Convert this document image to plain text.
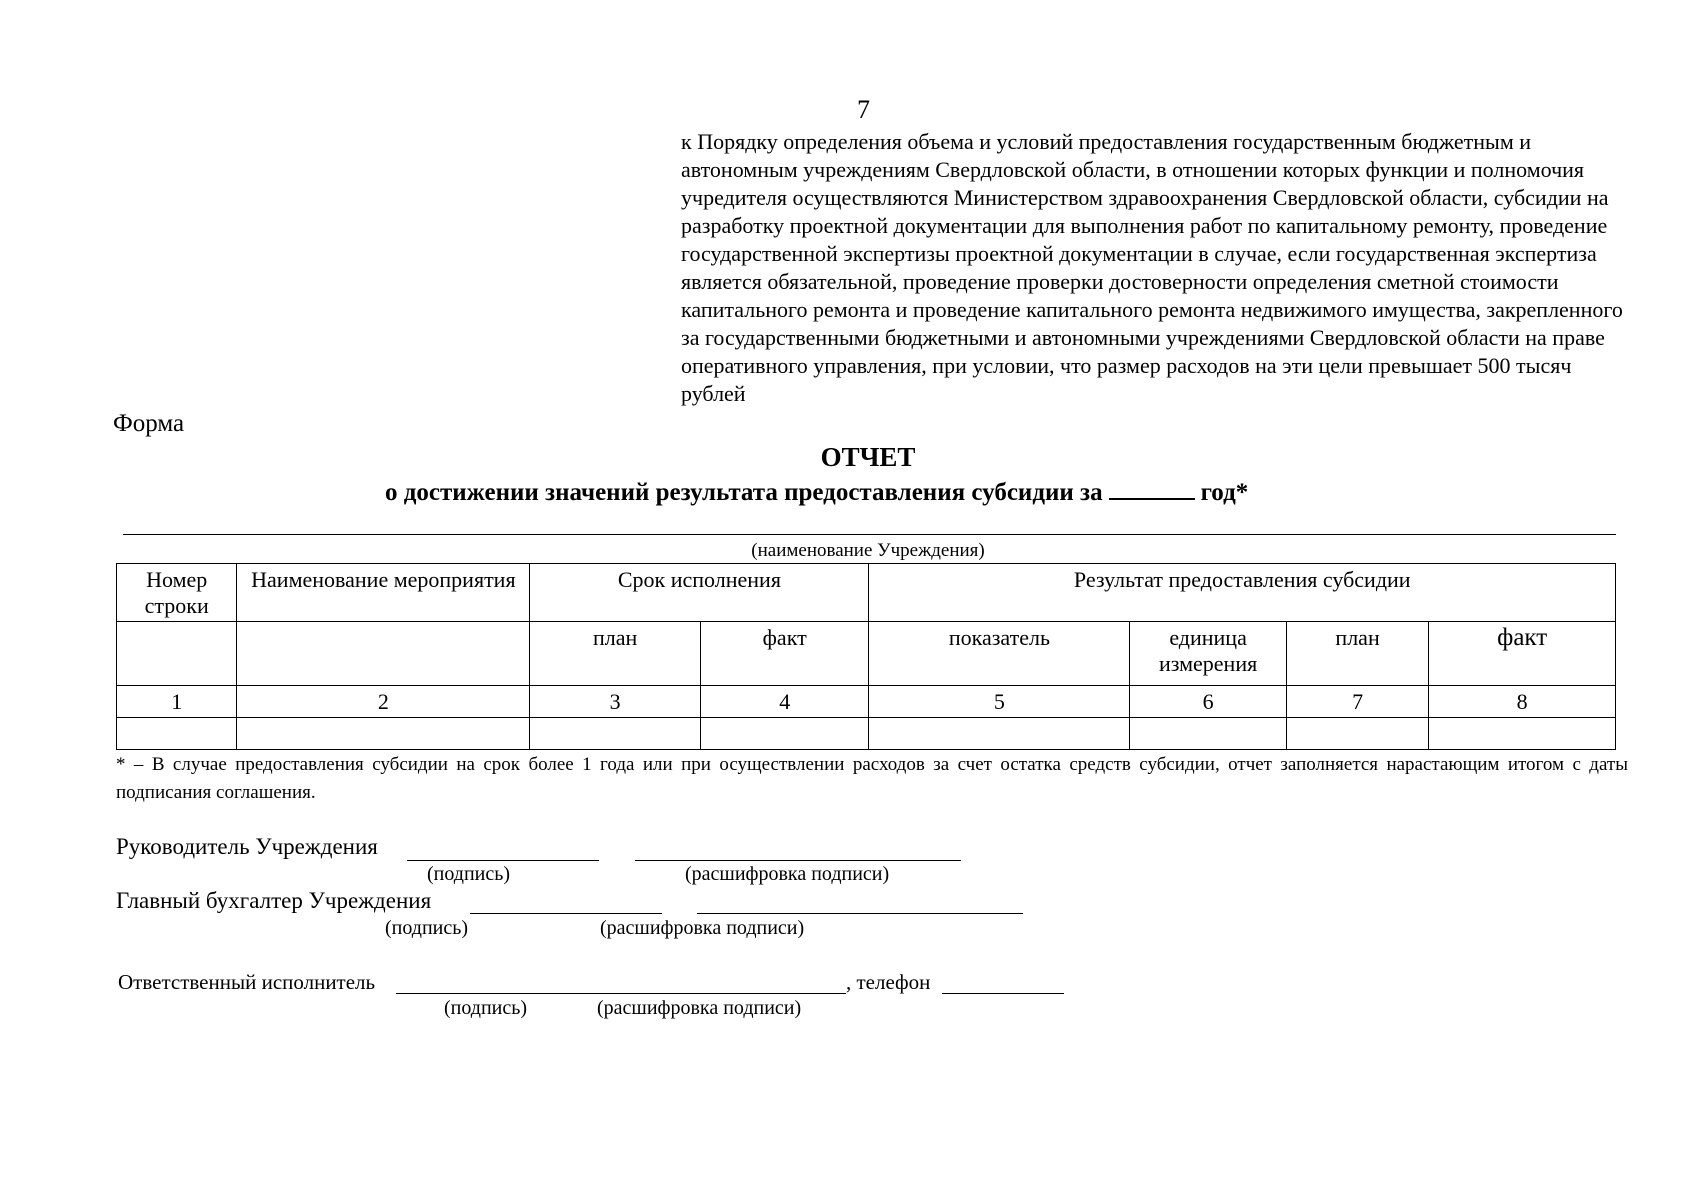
7
к Порядку определения объема и условий предоставления государственным бюджетным и автономным учреждениям Свердловской области, в отношении которых функции и полномочия учредителя осуществляются Министерством здравоохранения Свердловской области, субсидии на разработку проектной документации для выполнения работ по капитальному ремонту, проведение государственной экспертизы проектной документации в случае, если государственная экспертиза является обязательной, проведение проверки достоверности определения сметной стоимости капитального ремонта и проведение капитального ремонта недвижимого имущества, закрепленного за государственными бюджетными и автономными учреждениями Свердловской области на праве оперативного управления, при условии, что размер расходов на эти цели превышает 500 тысяч рублей
Форма
ОТЧЕТ
о достижении значений результата предоставления субсидии за	год*
(наименование Учреждения)
Номер строки	Наименование мероприятия	Срок исполнения		Результат предоставления субсидии			
		план	факт	показатель	единица измерения	план	факт
1	2	3	4	5	6	7	8

* – В случае предоставления субсидии на срок более 1 года или при осуществлении расходов за счет остатка средств субсидии, отчет заполняется нарастающим итогом с даты подписания соглашения.
Руководитель Учреждения
(подпись)	(расшифровка подписи)
Главный бухгалтер Учреждения
(подпись)	(расшифровка подписи)
Ответственный исполнитель	, телефон
(подпись)	(расшифровка подписи)
